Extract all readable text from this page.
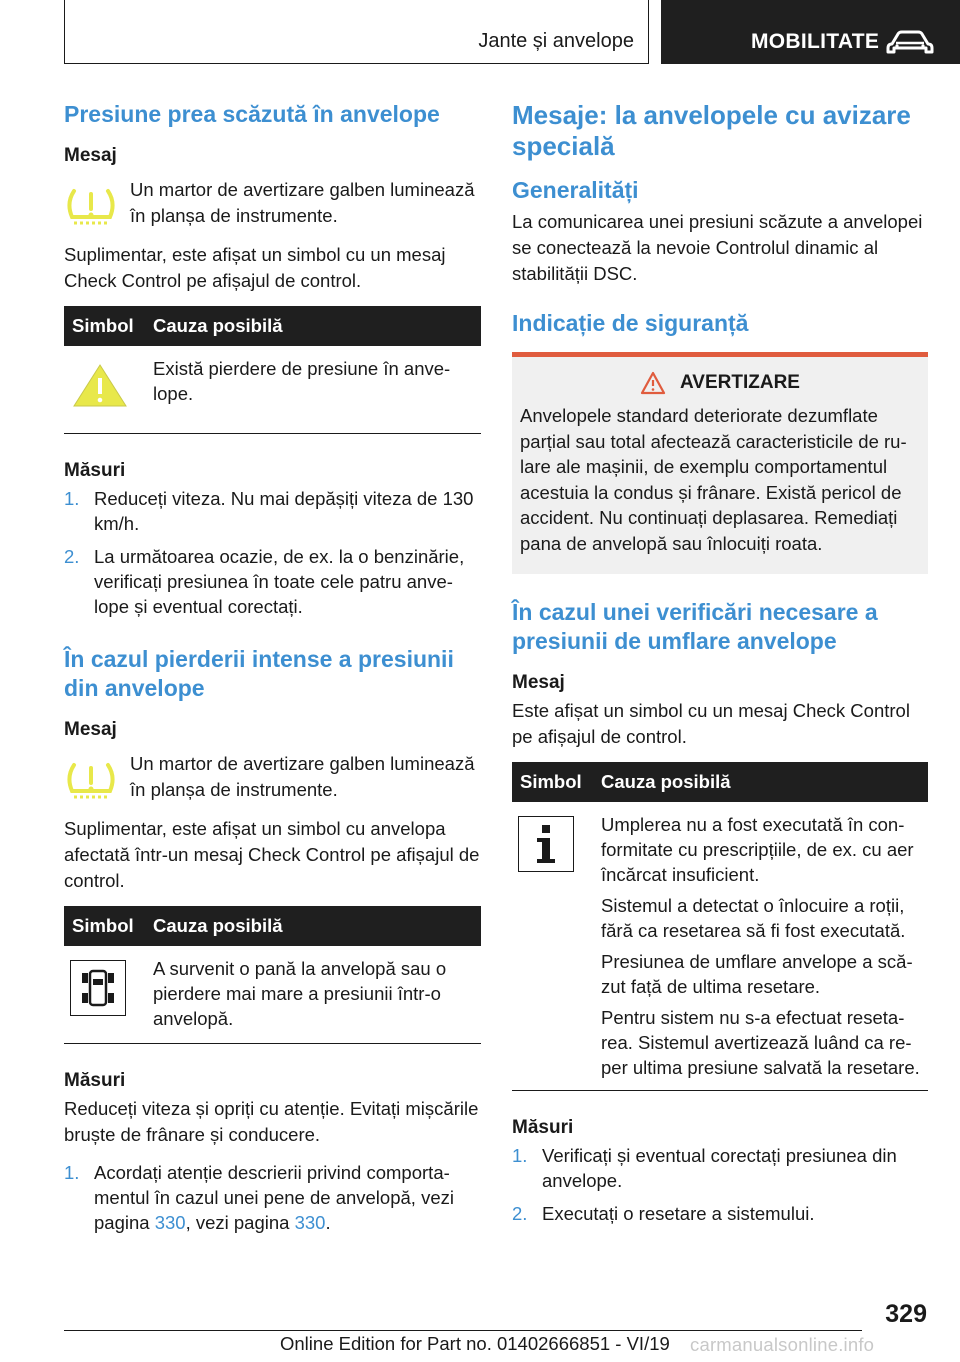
Jante și anvelope	MOBILITATE
Presiune prea scăzută în anvelope
Mesaj
Un martor de avertizare galben luminează în planșa de instrumente.
Suplimentar, este afișat un simbol cu un mesaj Check Control pe afișajul de control.
Simbol	Cauza posibilă
Există pierdere de presiune în anvelope.
Măsuri
1. Reduceți viteza. Nu mai depășiți viteza de 130 km/h.
2. La următoarea ocazie, de ex. la o benzinărie, verificați presiunea în toate cele patru anvelope și eventual corectați.
În cazul pierderii intense a presiunii din anvelope
Mesaj
Un martor de avertizare galben luminează în planșa de instrumente.
Suplimentar, este afișat un simbol cu anvelopa afectată într-un mesaj Check Control pe afișajul de control.
Simbol	Cauza posibilă
A survenit o pană la anvelopă sau o pierdere mai mare a presiunii într-o anvelopă.
Măsuri
Reduceți viteza și opriți cu atenție. Evitați mișcările bruște de frânare și conducere.
1. Acordați atenție descrierii privind comportamentul în cazul unei pene de anvelopă, vezi pagina 330, vezi pagina 330.
Mesaje: la anvelopele cu avizare specială
Generalități
La comunicarea unei presiuni scăzute a anvelopei se conectează la nevoie Controlul dinamic al stabilității DSC.
Indicație de siguranță
AVERTIZARE
Anvelopele standard deteriorate dezumflate parțial sau total afectează caracteristicile de rulare ale mașinii, de exemplu comportamentul acestuia la condus și frânare. Există pericol de accident. Nu continuați deplasarea. Remediați pana de anvelopă sau înlocuiți roata.
În cazul unei verificări necesare a presiunii de umflare anvelope
Mesaj
Este afișat un simbol cu un mesaj Check Control pe afișajul de control.
Simbol	Cauza posibilă

Umplerea nu a fost executată în conformitate cu prescripțiile, de ex. cu aer încărcat insuficient.

Sistemul a detectat o înlocuire a roții, fără ca resetarea să fi fost executată.

Presiunea de umflare anvelope a scăzut față de ultima resetare.

Pentru sistem nu s-a efectuat resetarea. Sistemul avertizează luând ca reper ultima presiune salvată la resetare.

Măsuri
1. Verificați și eventual corectați presiunea din anvelope.
2. Executați o resetare a sistemului.
329
Online Edition for Part no. 01402666851 - VI/19 carmanualsonline.info
